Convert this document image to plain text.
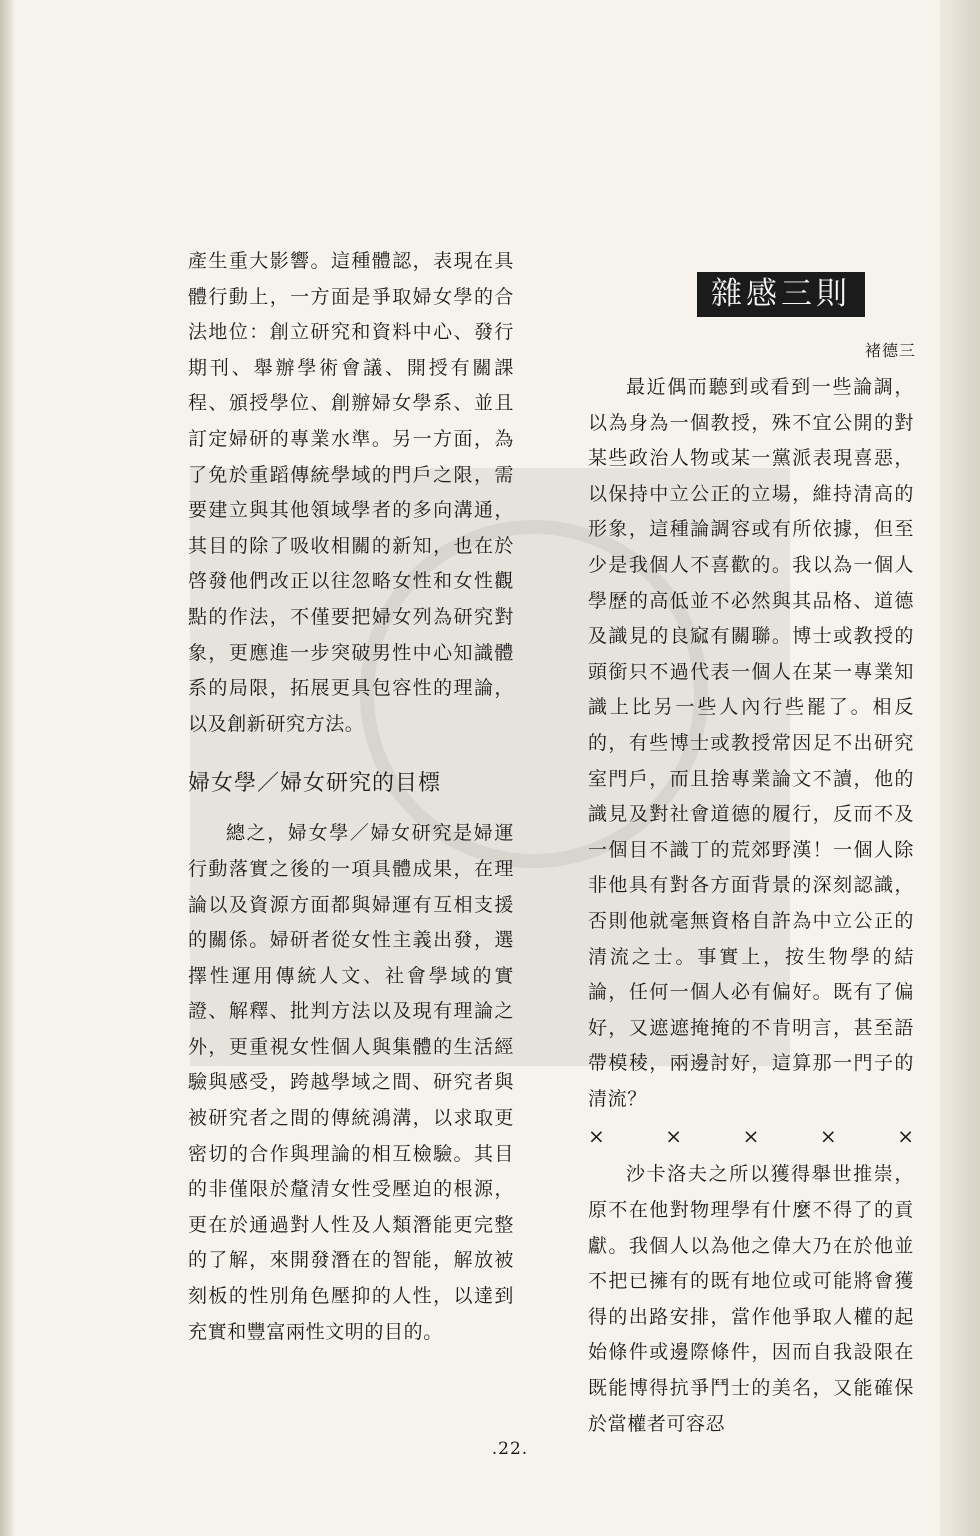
產生重大影響。這種體認，表現在具體行動上，一方面是爭取婦女學的合法地位：創立研究和資料中心、發行期刊、舉辦學術會議、開授有關課程、頒授學位、創辦婦女學系、並且訂定婦研的專業水準。另一方面，為了免於重蹈傳統學域的門戶之限，需要建立與其他領域學者的多向溝通，其目的除了吸收相關的新知，也在於啓發他們改正以往忽略女性和女性觀點的作法，不僅要把婦女列為研究對象，更應進一步突破男性中心知識體系的局限，拓展更具包容性的理論，以及創新研究方法。

婦女學／婦女研究的目標

總之，婦女學／婦女研究是婦運行動落實之後的一項具體成果，在理論以及資源方面都與婦運有互相支援的關係。婦研者從女性主義出發，選擇性運用傳統人文、社會學域的實證、解釋、批判方法以及現有理論之外，更重視女性個人與集體的生活經驗與感受，跨越學域之間、研究者與被研究者之間的傳統鴻溝，以求取更密切的合作與理論的相互檢驗。其目的非僅限於釐清女性受壓迫的根源，更在於通過對人性及人類潛能更完整的了解，來開發潛在的智能，解放被刻板的性別角色壓抑的人性，以達到充實和豐富兩性文明的目的。

雜感三則
褚德三

最近偶而聽到或看到一些論調，以為身為一個教授，殊不宜公開的對某些政治人物或某一黨派表現喜惡，以保持中立公正的立場，維持清高的形象，這種論調容或有所依據，但至少是我個人不喜歡的。我以為一個人學歷的高低並不必然與其品格、道德及識見的良窳有關聯。博士或教授的頭銜只不過代表一個人在某一專業知識上比另一些人內行些罷了。相反的，有些博士或教授常因足不出研究室門戶，而且捨專業論文不讀，他的識見及對社會道德的履行，反而不及一個目不識丁的荒郊野漢！一個人除非他具有對各方面背景的深刻認識，否則他就毫無資格自許為中立公正的清流之士。事實上，按生物學的結論，任何一個人必有偏好。既有了偏好，又遮遮掩掩的不肯明言，甚至語帶模稜，兩邊討好，這算那一門子的清流？

×	×	×	×	×

沙卡洛夫之所以獲得舉世推崇，原不在他對物理學有什麼不得了的貢獻。我個人以為他之偉大乃在於他並不把已擁有的既有地位或可能將會獲得的出路安排，當作他爭取人權的起始條件或邊際條件，因而自我設限在既能博得抗爭鬥士的美名，又能確保於當權者可容忍

.22.
